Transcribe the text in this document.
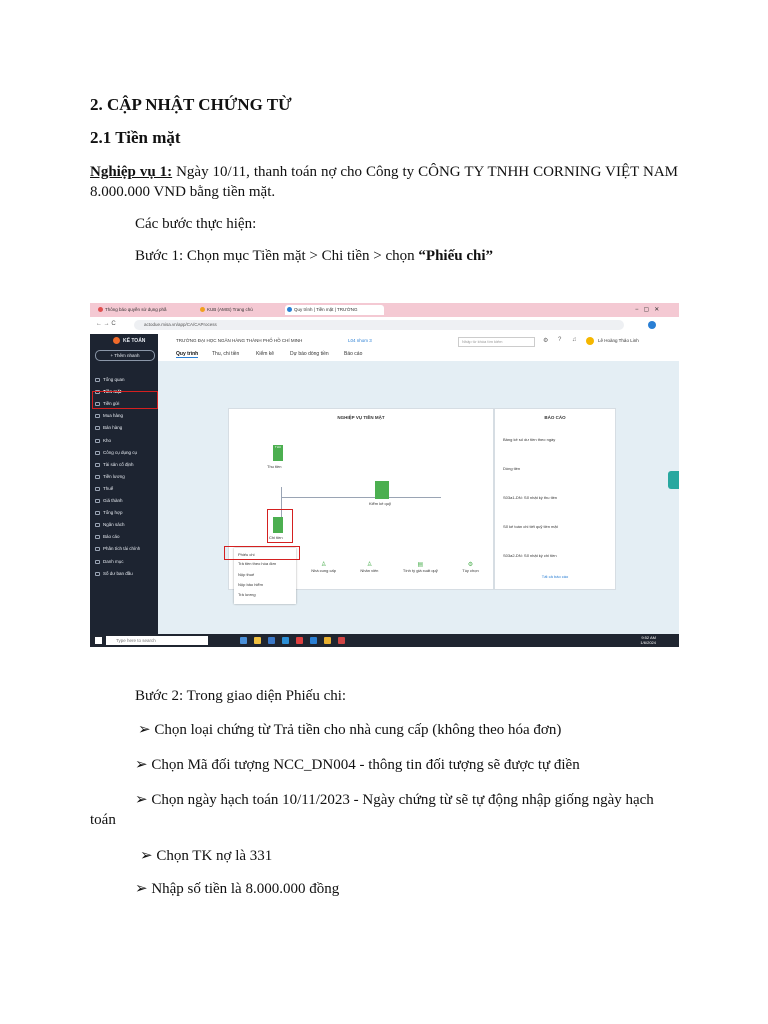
2. CẬP NHẬT CHỨNG TỪ
2.1 Tiền mặt
Nghiệp vụ 1: Ngày 10/11, thanh toán nợ cho Công ty CÔNG TY TNHH CORNING VIỆT NAM 8.000.000 VND bằng tiền mặt.
Các bước thực hiện:
Bước 1: Chọn mục Tiền mặt > Chi tiền > chọn “Phiếu chi”
Thông báo quyền sử dụng phầ	KUB (AMIS) Trang chủ	Quy trình | Tiền mặt | TRƯỜNG	−▢✕
← → C	actodue.misa.vn/app/CA/CAProcess
KẾ TOÁN
+ Thêm nhanh
Tổng quan
Tiền mặt
Tiền gửi
Mua hàng
Bán hàng
Kho
Công cụ dụng cụ
Tài sản cố định
Tiền lương
Thuế
Giá thành
Tổng hợp
Ngân sách
Báo cáo
Phân tích tài chính
Danh mục
Số dư ban đầu
TRƯỜNG ĐẠI HỌC NGÂN HÀNG THÀNH PHỐ HỒ CHÍ MINH	L04 nhom 3	Nhập từ khóa tìm kiếm	⚙ ? ♫	Lê Hoàng Thảo Linh
Quy trình	Thu, chi tiền	Kiểm kê	Dự báo dòng tiền	Báo cáo
NGHIỆP VỤ TIỀN MẶT
THU
Thu tiền
Kiểm kê quỹ
Chi tiền
♙
Nhà cung cấp
♙
Nhân viên
▤
Tính tỷ giá xuất quỹ
⚙
Tùy chọn
Phiếu chi
Trả tiền theo hóa đơn
Nộp thuế
Nộp bảo hiểm
Trả lương
BÁO CÁO
Bảng kê số dư tiền theo ngày
Dòng tiền
S03a1-DN: Sổ nhật ký thu tiền
Sổ kế toán chi tiết quỹ tiền mặt
S03a2-DN: Sổ nhật ký chi tiền
Tất cả báo cáo
Type here to search
9:52 AM
1/6/2024
Bước 2: Trong giao diện Phiếu chi:
➢ Chọn loại chứng từ Trả tiền cho nhà cung cấp (không theo hóa đơn)
➢ Chọn Mã đối tượng NCC_DN004 - thông tin đối tượng sẽ được tự điền
➢ Chọn ngày hạch toán 10/11/2023 - Ngày chứng từ sẽ tự động nhập giống ngày hạch toán
➢ Chọn TK nợ là 331
➢ Nhập số tiền là 8.000.000 đồng
